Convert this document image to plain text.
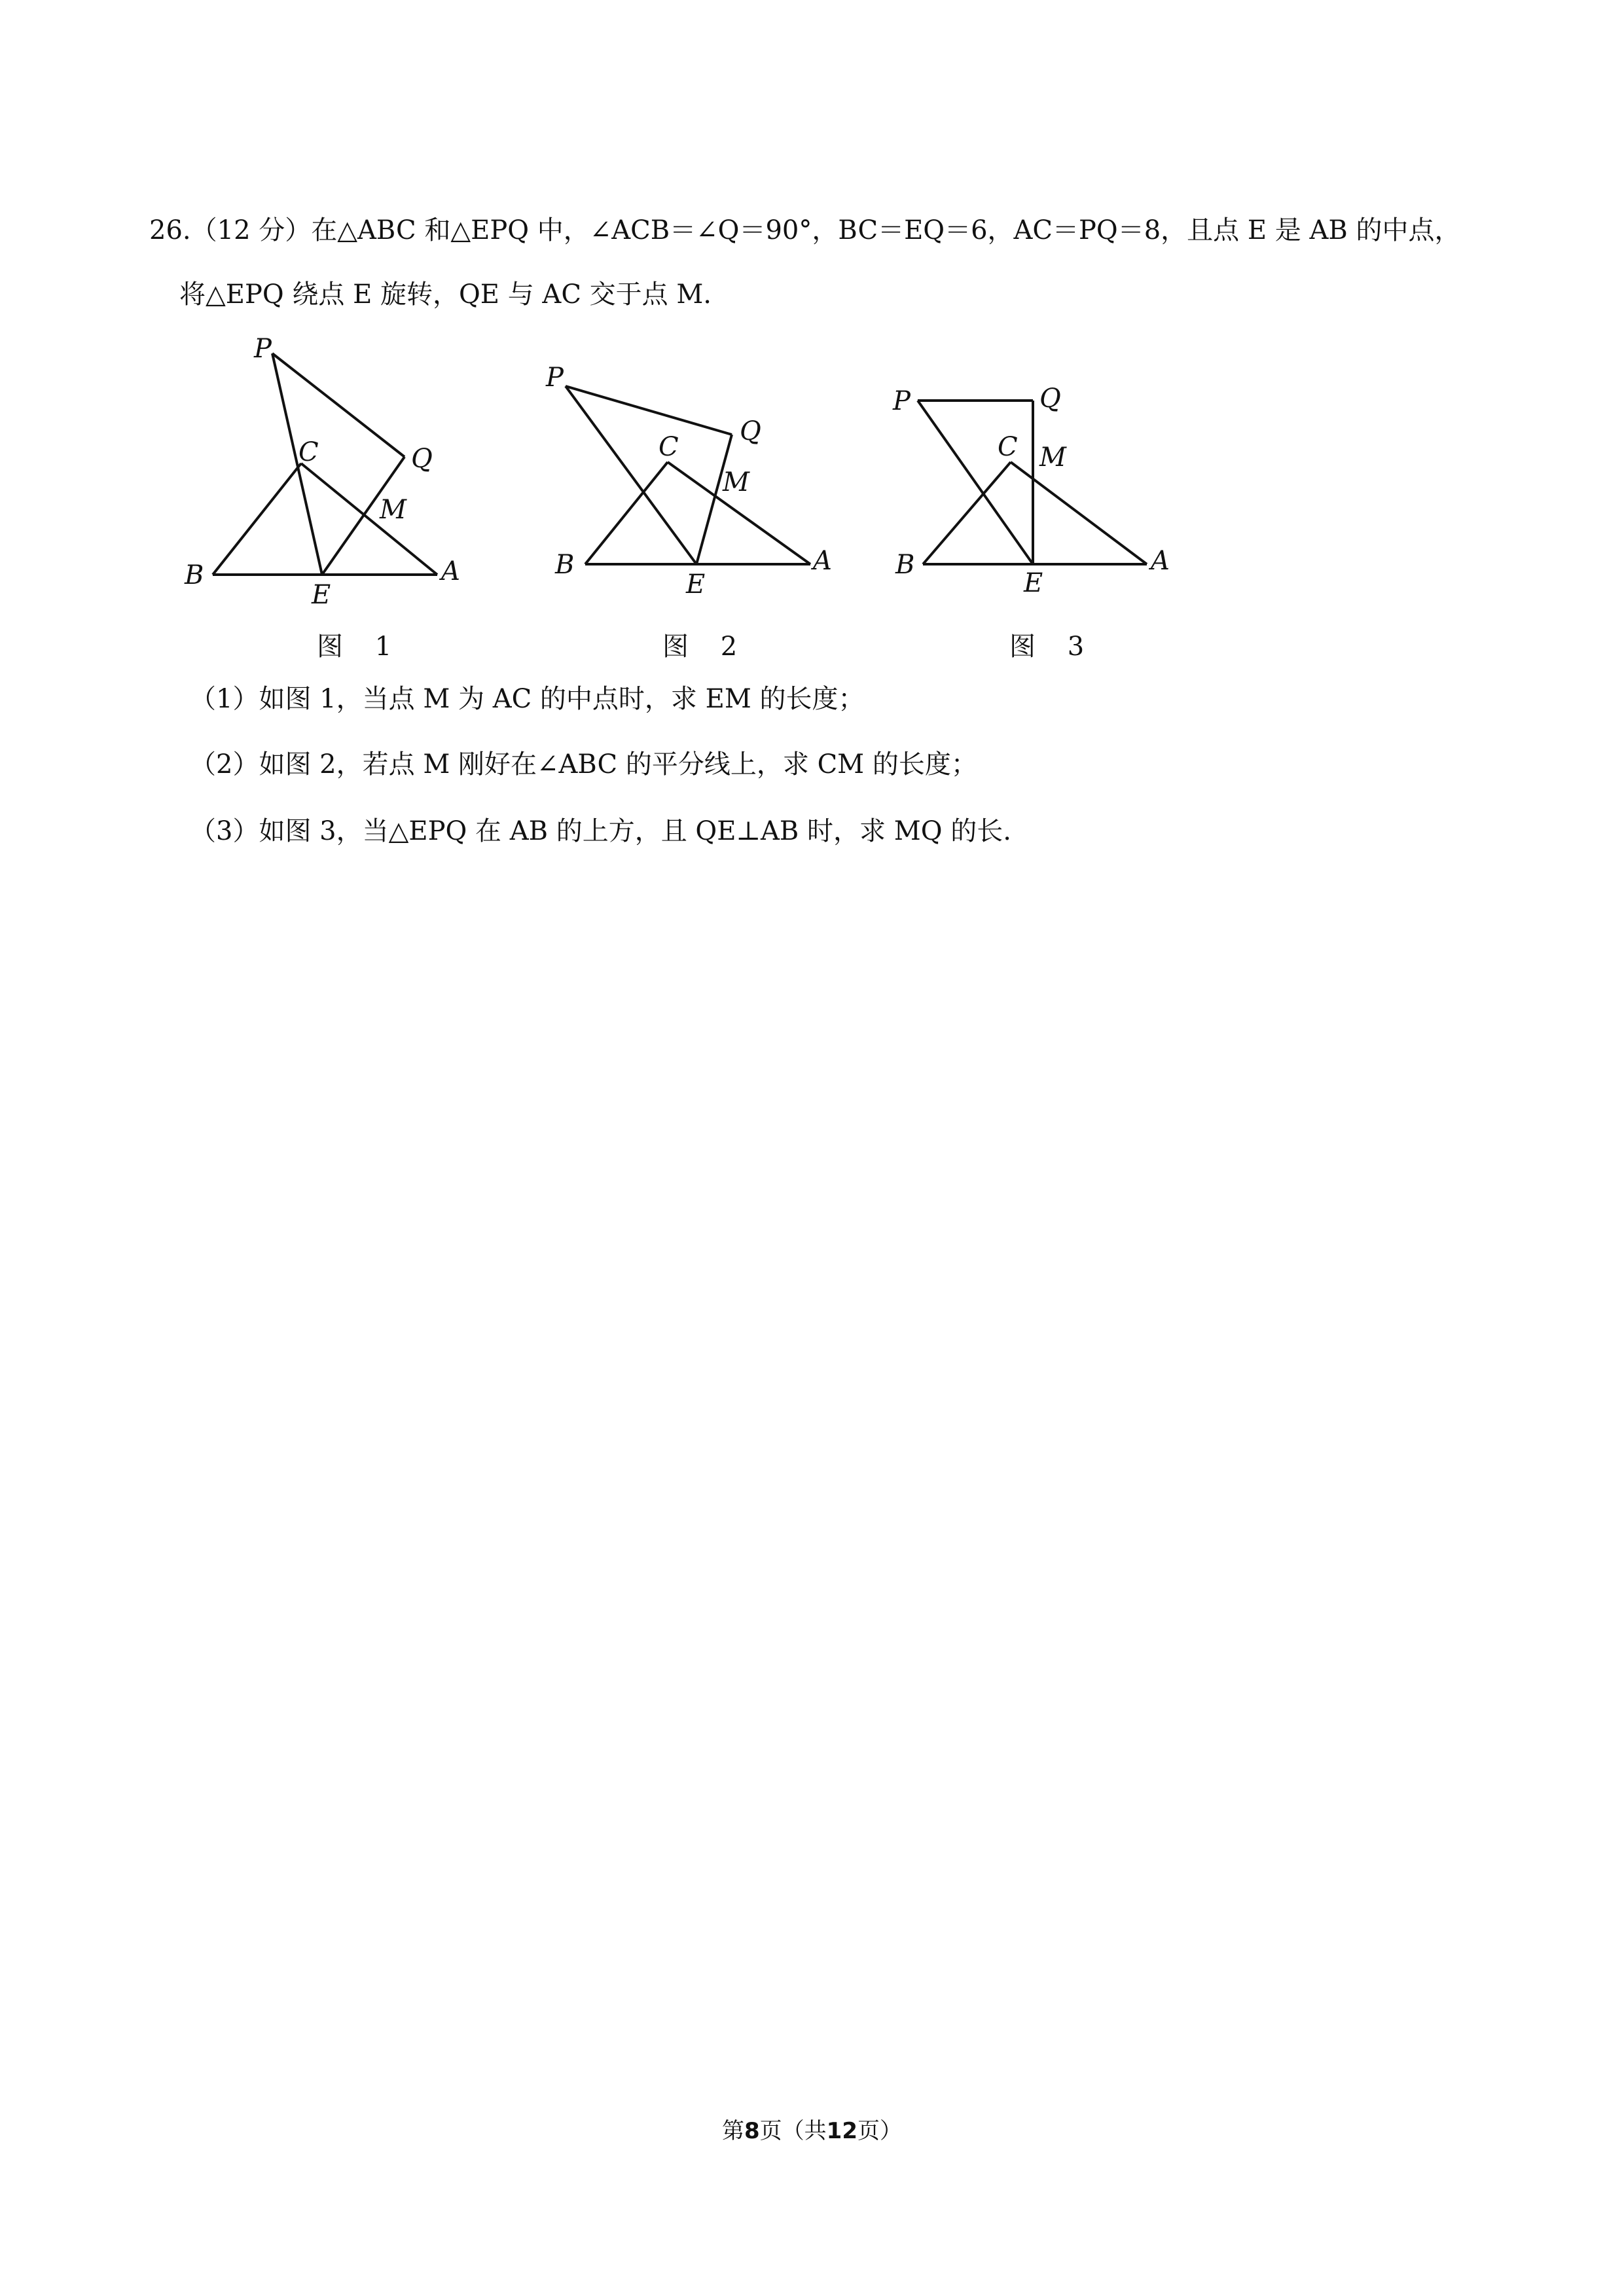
26.（12 分）在△ABC 和△EPQ 中，∠ACB＝∠Q＝90°，BC＝EQ＝6，AC＝PQ＝8，且点 E 是 AB 的中点，
将△EPQ 绕点 E 旋转，QE 与 AC 交于点 M.
P
C	Q
M
B
E
A
图 1
P
C
Q
M
B
E
A
图 2
P	Q
C M
B
E
A
图 3
（1）如图 1，当点 M 为 AC 的中点时，求 EM 的长度；
（2）如图 2，若点 M 刚好在∠ABC 的平分线上，求 CM 的长度；
（3）如图 3，当△EPQ 在 AB 的上方，且 QE⊥AB 时，求 MQ 的长.
第8页（共12页）
